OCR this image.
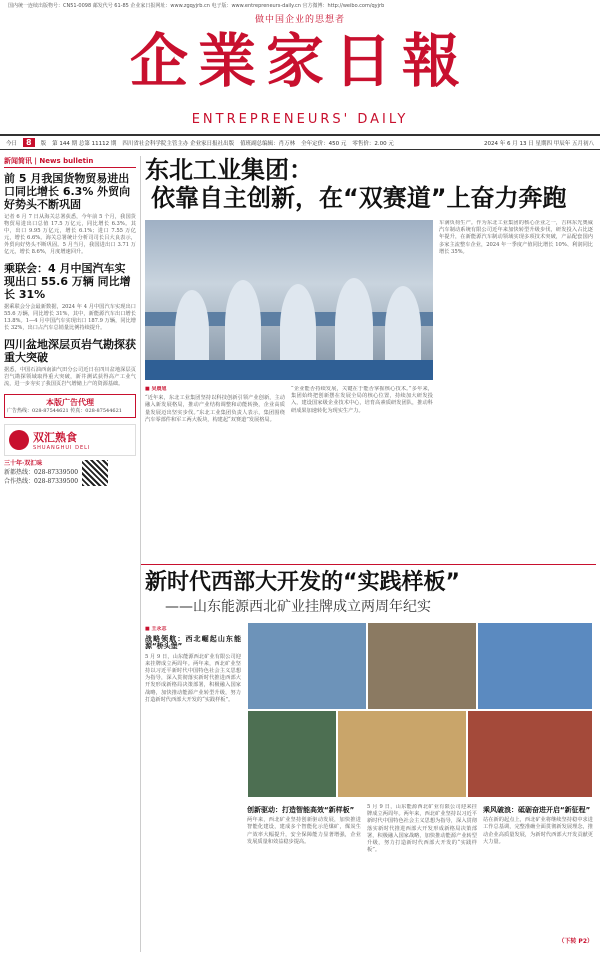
国内统一连续出版物号：CN51-0098 邮发代号 61-85 企业家日报网址：www.zgqyjrb.cn 电子版：www.entrepreneurs-daily.cn 官方微博：http://weibo.com/qyjrb
做中国企业的思想者
企業家日報
ENTREPRENEURS' DAILY
今日	8	版 第 144 期 总第 11112 期 四川省社会科学院主管主办 企业家日报社出版 值班副总编辑：肖万林 全年定价：450 元 零售价：2.00 元	2024 年 6 月 13 日 星期四 甲辰年 五月初八
新闻简讯 | News bulletin
前 5 月我国货物贸易进出口同比增长 6.3% 外贸向好势头不断巩固
记者 6 月 7 日从海关总署获悉，今年前 5 个月，我国货物贸易进出口总值 17.5 万亿元，同比增长 6.3%。其中，出口 9.95 万亿元，增长 6.1%；进口 7.55 万亿元，增长 6.6%。海关总署统计分析司司长吕大良表示，外贸向好势头不断巩固。5 月当月，我国进出口 3.71 万亿元，增长 8.6%，月度增速回升。
乘联会：4 月中国汽车实现出口 55.6 万辆 同比增长 31%
据乘联会分会最新数据，2024 年 4 月中国汽车实现出口 55.6 万辆，同比增长 31%，其中，新能源汽车出口增长 13.8%。1—4 月中国汽车实现出口 187.9 万辆，同比增长 32%，出口占汽车总销量比例持续提升。
四川盆地深层页岩气勘探获重大突破
据悉，中国石油西南油气田分公司近日在四川盆地深层页岩气勘探领域取得重大突破，新井测试获得高产工业气流，进一步夯实了我国页岩气增储上产的资源基础。
本版广告代理
广告热线：028-87544621 传真：028-87544621
双汇熟食
SHUANGHUI DELI
三十年·双汇味
新都热线：028-87339500
合作热线：028-87339500
东北工业集团：
依靠自主创新，在“双赛道”上奋力奔跑
车满负荷生产。作为东北工业集团的核心企业之一，吉林东光奥威汽车制动系统有限公司近年来加快转型升级步伐，研发投入占比逐年提升，在新能源汽车制动领域实现多项技术突破，产品配套国内多家主流整车企业，2024 年一季度产值同比增长 10%、利润同比增长 35%。
■ 吴晨旭
“近年来，东北工业集团坚持以科技创新引领产业创新，主动融入新发展格局，推动产业结构调整和动能转换，企业高质量发展迈出坚实步伐。”东北工业集团负责人表示，集团围绕汽车零部件和军工两大板块，构建起“双赛道”发展格局。
“企业能否持续发展，关键在于能否掌握核心技术。”多年来，集团始终把创新摆在发展全局的核心位置，持续加大研发投入，建设国家级企业技术中心，培育高素质研发团队，推动科研成果加速转化为现实生产力。
新时代西部大开发的“实践样板”
——山东能源西北矿业挂牌成立两周年纪实
■ 王永志
战略领航：西北崛起山东能源“桥头堡”
5 月 9 日，山东能源西北矿业有限公司迎来挂牌成立两周年。两年来，西北矿业坚持以习近平新时代中国特色社会主义思想为指导，深入贯彻落实新时代推进西部大开发形成新格局决策部署，积极融入国家战略，加快推动能源产业转型升级，努力打造新时代西部大开发的“实践样板”。
创新驱动：打造智能高效“新样板”
两年来，西北矿业坚持创新驱动发展，加快推进智能化建设，建成多个智能化示范煤矿，煤炭生产效率大幅提升，安全保障能力显著增强，企业发展质量和效益稳步提高。
5 月 9 日，山东能源西北矿业有限公司迎来挂牌成立两周年。两年来，西北矿业坚持以习近平新时代中国特色社会主义思想为指导，深入贯彻落实新时代推进西部大开发形成新格局决策部署，积极融入国家战略，加快推动能源产业转型升级，努力打造新时代西部大开发的“实践样板”。
乘风破浪：砥砺奋进开启“新征程”
站在新的起点上，西北矿业将继续坚持稳中求进工作总基调，完整准确全面贯彻新发展理念，推动企业高质量发展，为新时代西部大开发贡献更大力量。
（下转 P2）
